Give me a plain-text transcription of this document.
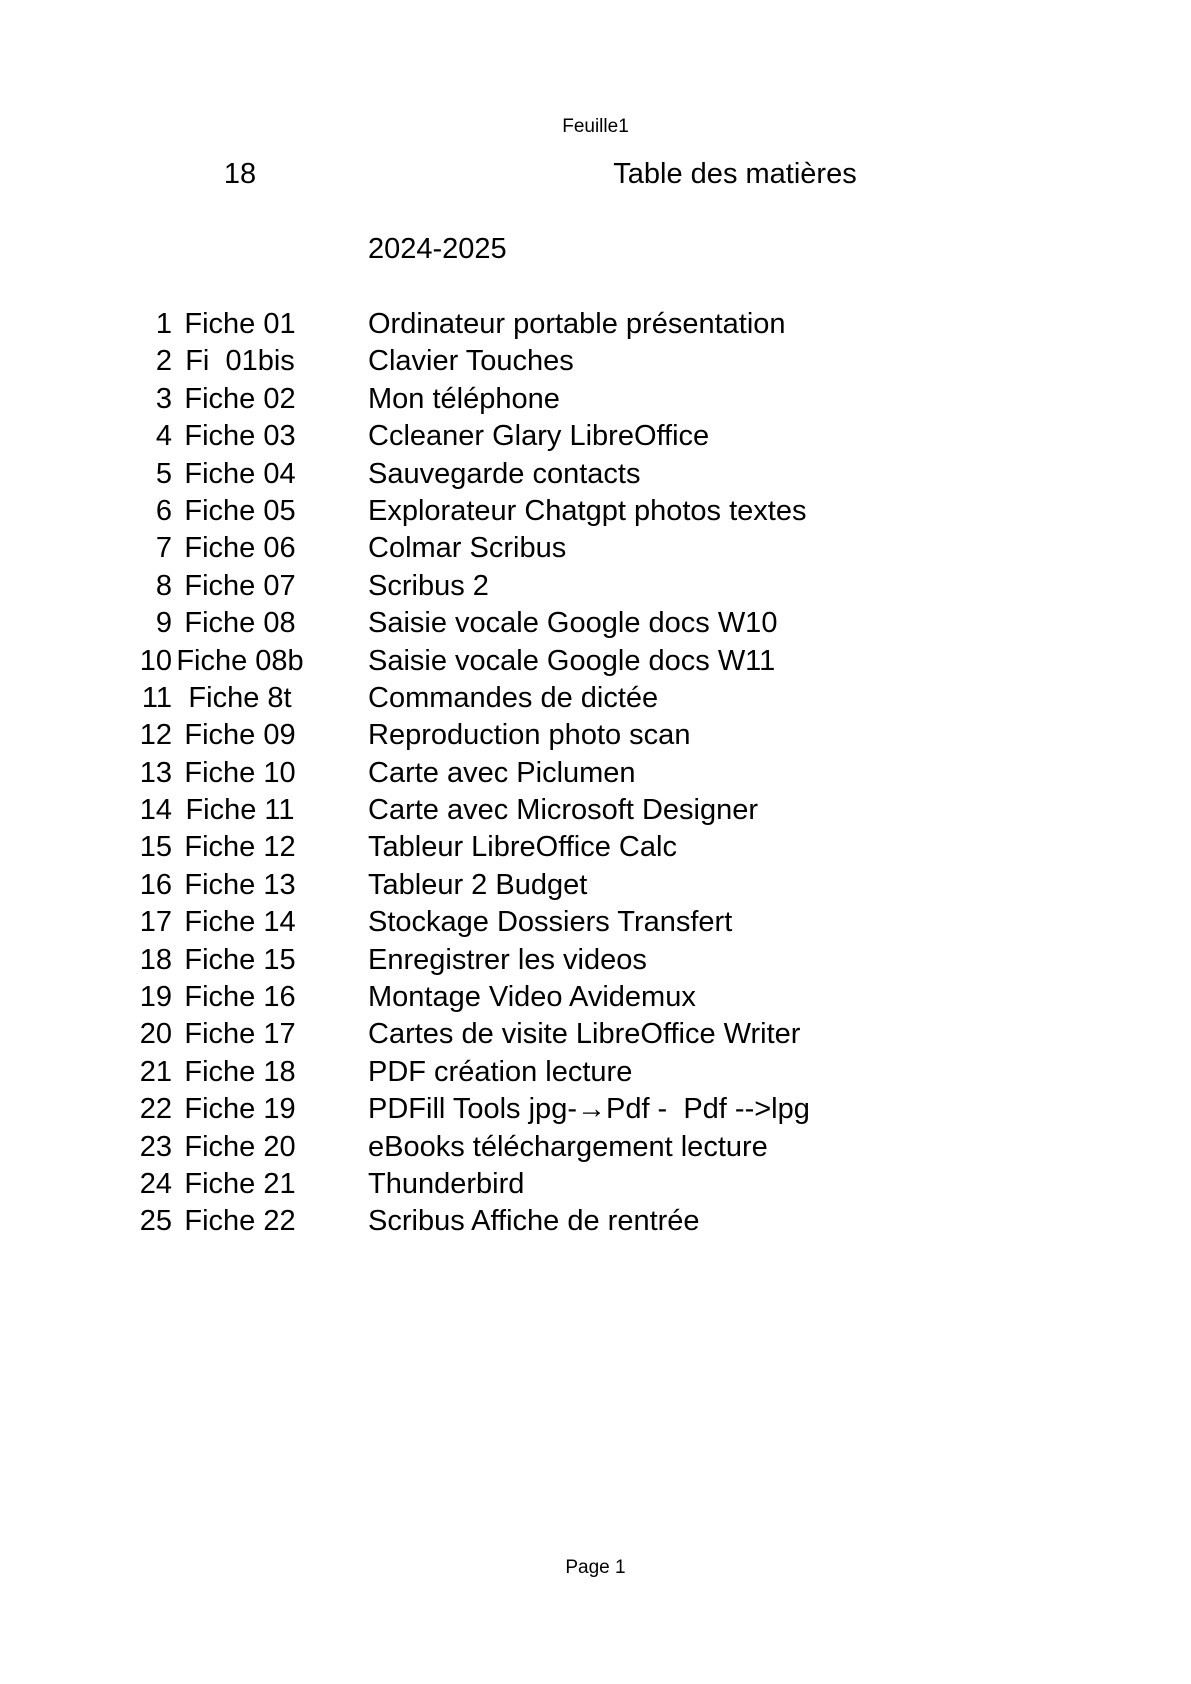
Feuille1
18	Table des matières
2024-2025
1 Fiche 01	Ordinateur portable présentation
2 Fi  01bis	Clavier Touches
3 Fiche 02	Mon téléphone
4 Fiche 03	Ccleaner Glary LibreOffice
5 Fiche 04	Sauvegarde contacts
6 Fiche 05	Explorateur Chatgpt photos textes
7 Fiche 06	Colmar Scribus
8 Fiche 07	Scribus 2
9 Fiche 08	Saisie vocale Google docs W10
10 Fiche 08b	Saisie vocale Google docs W11
11 Fiche 8t	Commandes de dictée
12 Fiche 09	Reproduction photo scan
13 Fiche 10	Carte avec Piclumen
14 Fiche 11	Carte avec Microsoft Designer
15 Fiche 12	Tableur LibreOffice Calc
16 Fiche 13	Tableur 2 Budget
17 Fiche 14	Stockage Dossiers Transfert
18 Fiche 15	Enregistrer les videos
19 Fiche 16	Montage Video Avidemux
20 Fiche 17	Cartes de visite LibreOffice Writer
21 Fiche 18	PDF création lecture
22 Fiche 19	PDFill Tools jpg-→Pdf -  Pdf -->lpg
23 Fiche 20	eBooks téléchargement lecture
24 Fiche 21	Thunderbird
25 Fiche 22	Scribus Affiche de rentrée
Page 1
